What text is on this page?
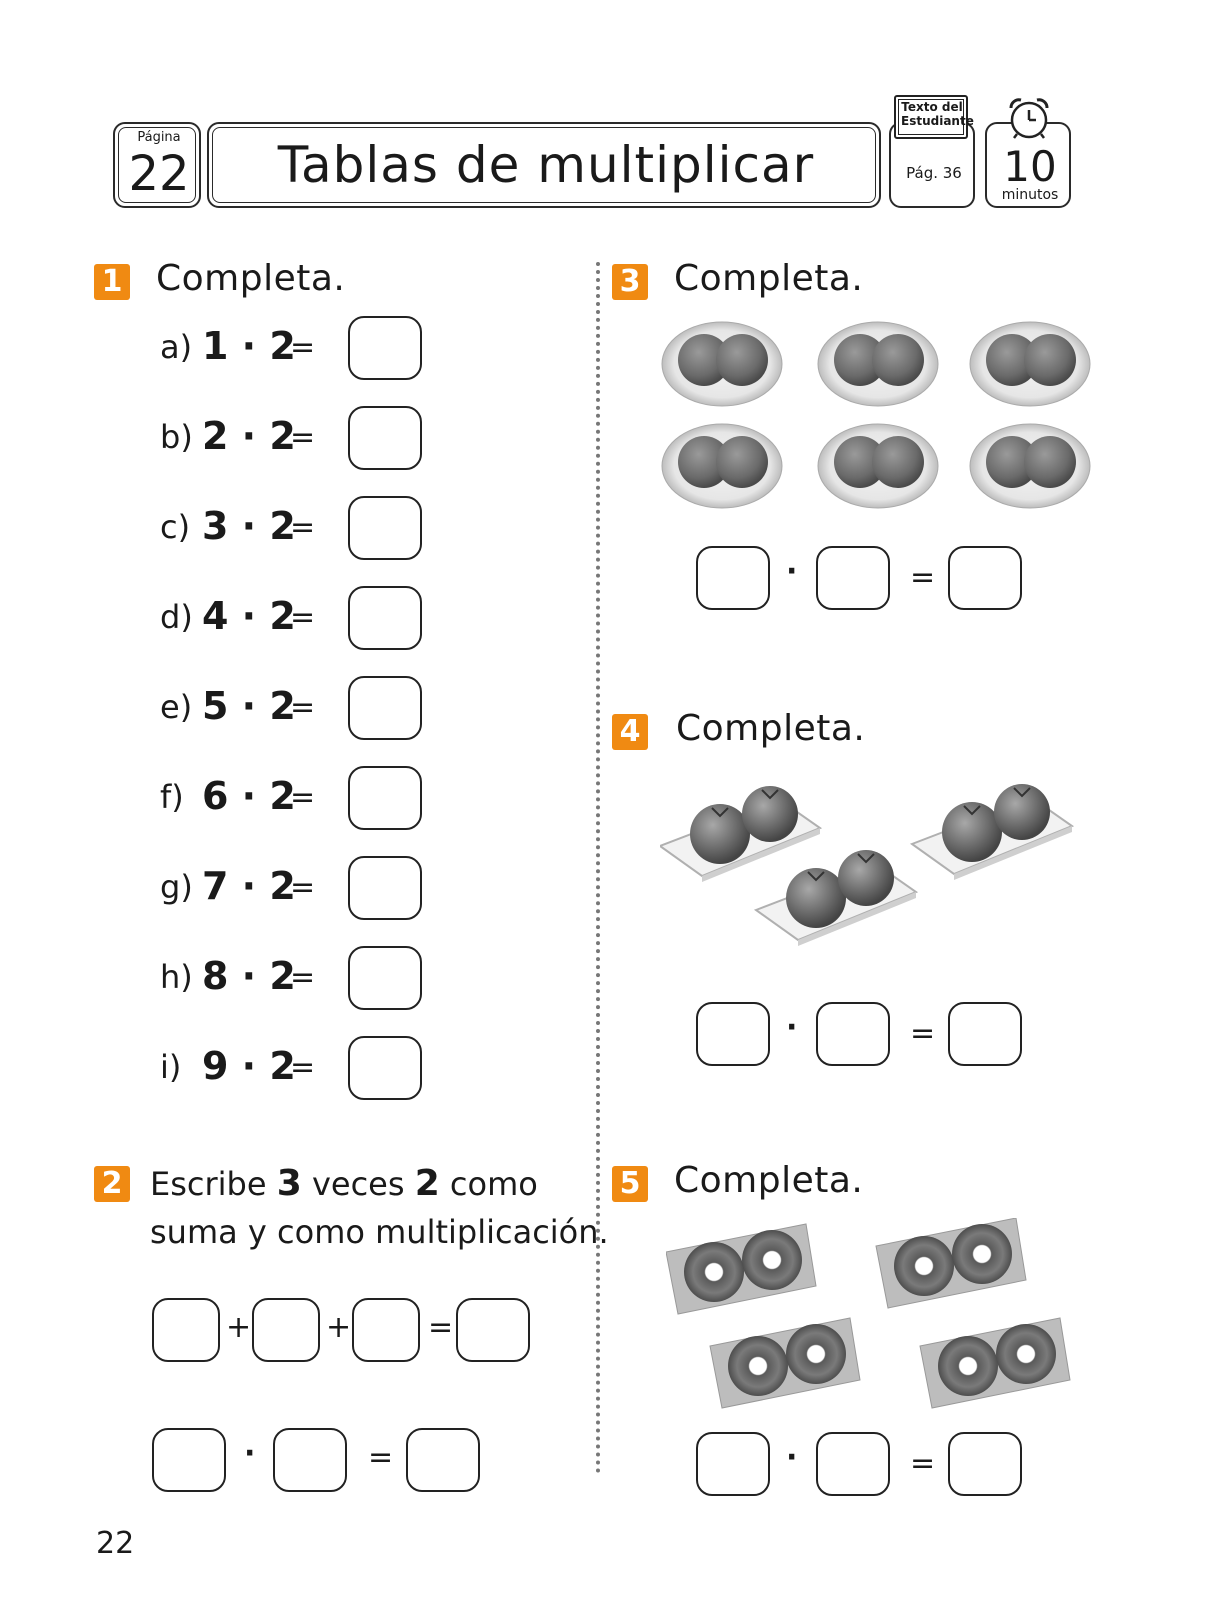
Página
22	Tablas de multiplicar	Pág. 36
Texto del Estudiante
10
minutos
1 Completa.
a) 1 · 2
=
b) 2 · 2
=
c) 3 · 2
=
d) 4 · 2
=
e) 5 · 2
=
f) 6 · 2
=
g) 7 · 2
=
h) 8 · 2
=
i) 9 · 2
=
2 Escribe 3 veces 2 como
suma y como multiplicación.
+ +	=
·	=
3 Completa.
·	=
4 Completa.
·	=
5 Completa.
·	=
22
